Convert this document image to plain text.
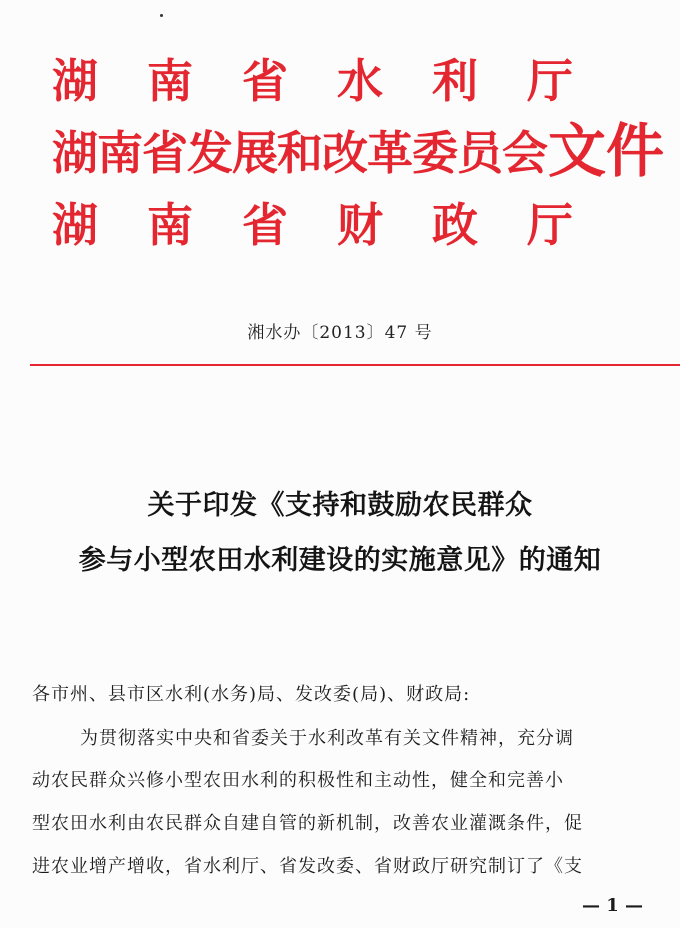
湖南省水利厅
湖南省发展和改革委员会
湖南省财政厅
文件
湘水办〔2013〕47 号
关于印发《支持和鼓励农民群众
参与小型农田水利建设的实施意见》的通知
各市州、县市区水利(水务)局、发改委(局)、财政局:
为贯彻落实中央和省委关于水利改革有关文件精神，充分调
动农民群众兴修小型农田水利的积极性和主动性，健全和完善小
型农田水利由农民群众自建自管的新机制，改善农业灌溉条件，促
进农业增产增收，省水利厅、省发改委、省财政厅研究制订了《支
— 1 —
